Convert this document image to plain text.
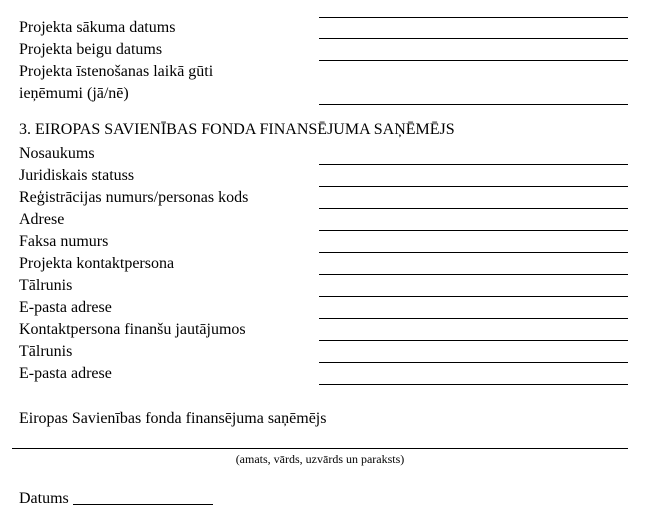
Projekta sākuma datums
Projekta beigu datums
Projekta īstenošanas laikā gūti
ieņēmumi (jā/nē)
3. EIROPAS SAVIENĪBAS FONDA FINANSĒJUMA SAŅĒMĒJS
Nosaukums
Juridiskais statuss
Reģistrācijas numurs/personas kods
Adrese
Faksa numurs
Projekta kontaktpersona
Tālrunis
E-pasta adrese
Kontaktpersona finanšu jautājumos
Tālrunis
E-pasta adrese
Eiropas Savienības fonda finansējuma saņēmējs
(amats, vārds, uzvārds un paraksts)
Datums
